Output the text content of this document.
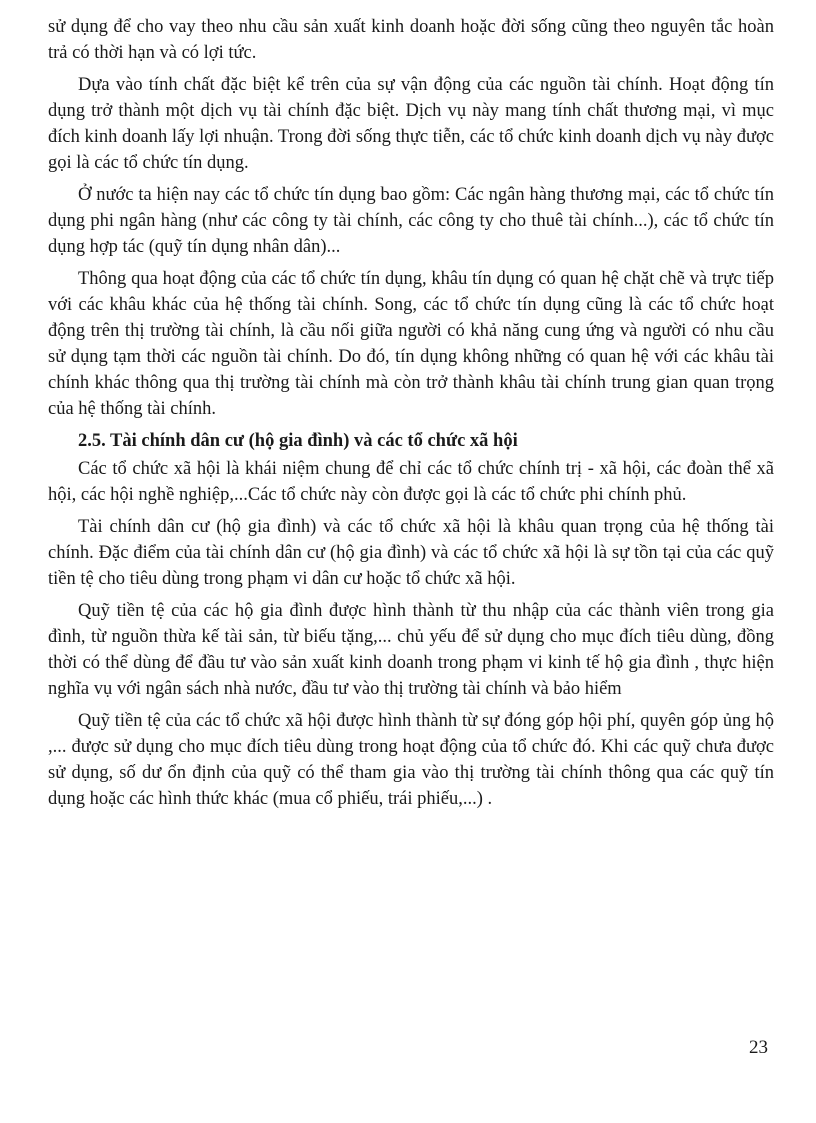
sử dụng để cho vay theo nhu cầu sản xuất kinh doanh hoặc đời sống cũng theo nguyên tắc hoàn trả có thời hạn và có lợi tức.

Dựa vào tính chất đặc biệt kể trên của sự vận động của các nguồn tài chính. Hoạt động tín dụng trở thành một dịch vụ tài chính đặc biệt. Dịch vụ này mang tính chất thương mại, vì mục đích kinh doanh lấy lợi nhuận. Trong đời sống thực tiễn, các tổ chức kinh doanh dịch vụ này được gọi là các tổ chức tín dụng.

Ở nước ta hiện nay các tổ chức tín dụng bao gồm: Các ngân hàng thương mại, các tổ chức tín dụng phi ngân hàng (như các công ty tài chính, các công ty cho thuê tài chính...), các tổ chức tín dụng hợp tác (quỹ tín dụng nhân dân)...

Thông qua hoạt động của các tổ chức tín dụng, khâu tín dụng có quan hệ chặt chẽ và trực tiếp với các khâu khác của hệ thống tài chính. Song, các tổ chức tín dụng cũng là các tổ chức hoạt động trên thị trường tài chính, là cầu nối giữa người có khả năng cung ứng và người có nhu cầu sử dụng tạm thời các nguồn tài chính. Do đó, tín dụng không những có quan hệ với các khâu tài chính khác thông qua thị trường tài chính mà còn trở thành khâu tài chính trung gian quan trọng của hệ thống tài chính.

2.5. Tài chính dân cư (hộ gia đình) và các tổ chức xã hội

Các tổ chức xã hội là khái niệm chung để chỉ các tổ chức chính trị - xã hội, các đoàn thể xã hội, các hội nghề nghiệp,...Các tổ chức này còn được gọi là các tổ chức phi chính phủ.

Tài chính dân cư (hộ gia đình) và các tổ chức xã hội là khâu quan trọng của hệ thống tài chính. Đặc điểm của tài chính dân cư (hộ gia đình) và các tổ chức xã hội là sự tồn tại của các quỹ tiền tệ cho tiêu dùng trong phạm vi dân cư hoặc tổ chức xã hội.

Quỹ tiền tệ của các hộ gia đình được hình thành từ thu nhập của các thành viên trong gia đình, từ nguồn thừa kế tài sản, từ biếu tặng,... chủ yếu để sử dụng cho mục đích tiêu dùng, đồng thời có thể dùng để đầu tư vào sản xuất kinh doanh trong phạm vi kinh tế hộ gia đình , thực hiện nghĩa vụ với ngân sách nhà nước, đầu tư vào thị trường tài chính và bảo hiểm

Quỹ tiền tệ của các tổ chức xã hội được hình thành từ sự đóng góp hội phí, quyên góp ủng hộ ,... được sử dụng cho mục đích tiêu dùng trong hoạt động của tổ chức đó. Khi các quỹ chưa được sử dụng, số dư ổn định của quỹ có thể tham gia vào thị trường tài chính thông qua các quỹ tín dụng hoặc các hình thức khác (mua cổ phiếu, trái phiếu,...) .

23
